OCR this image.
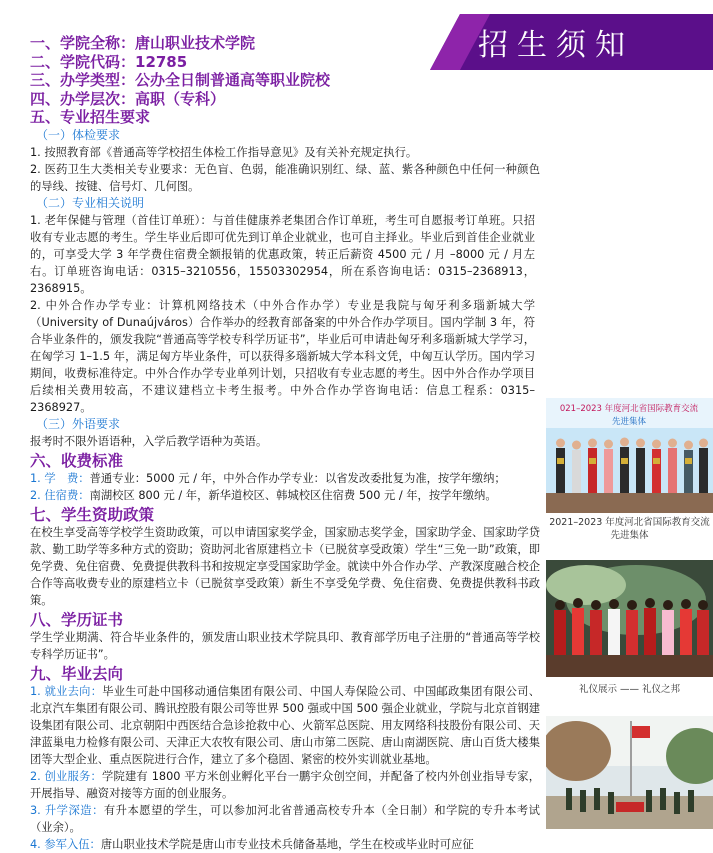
招生须知
一、学院全称：唐山职业技术学院
二、学院代码：12785
三、办学类型：公办全日制普通高等职业院校
四、办学层次：高职（专科）
五、专业招生要求
（一）体检要求
1. 按照教育部《普通高等学校招生体检工作指导意见》及有关补充规定执行。
2. 医药卫生大类相关专业要求：无色盲、色弱，能准确识别红、绿、蓝、紫各种颜色中任何一种颜色的导线、按键、信号灯、几何图。
（二）专业相关说明
1. 老年保健与管理（首佳订单班）：与首佳健康养老集团合作订单班，考生可自愿报考订单班。只招收有专业志愿的考生。学生毕业后即可优先到订单企业就业，也可自主择业。毕业后到首佳企业就业的，可享受大学 3 年学费住宿费全额报销的优惠政策，转正后薪资 4500 元 / 月 –8000 元 / 月左右。订单班咨询电话：0315–3210556，15503302954，所在系咨询电话：0315–2368913，2368915。
2. 中外合作办学专业：计算机网络技术（中外合作办学）专业是我院与匈牙利多瑙新城大学（University of Dunaújváros）合作举办的经教育部备案的中外合作办学项目。国内学制 3 年，符合毕业条件的，颁发我院“普通高等学校专科学历证书”，毕业后可申请赴匈牙利多瑙新城大学学习，在匈学习 1–1.5 年，满足匈方毕业条件，可以获得多瑙新城大学本科文凭，中匈互认学历。国内学习期间，收费标准待定。中外合作办学专业单列计划，只招收有专业志愿的考生。因中外合作办学项目后续相关费用较高，不建议建档立卡考生报考。中外合作办学咨询电话：信息工程系：0315–2368927。
（三）外语要求
报考时不限外语语种，入学后教学语种为英语。
六、收费标准
1. 学　费：普通专业：5000 元 / 年，中外合作办学专业：以省发改委批复为准，按学年缴纳；
2. 住宿费：南湖校区 800 元 / 年，新华道校区、韩城校区住宿费 500 元 / 年，按学年缴纳。
七、学生资助政策
在校生享受高等学校学生资助政策，可以申请国家奖学金，国家励志奖学金，国家助学金、国家助学贷款、勤工助学等多种方式的资助；资助河北省原建档立卡（已脱贫享受政策）学生“三免一助”政策，即免学费、免住宿费、免费提供教科书和按规定享受国家助学金。就读中外合作办学、产教深度融合校企合作等高收费专业的原建档立卡（已脱贫享受政策）新生不享受免学费、免住宿费、免费提供教科书政策。
八、学历证书
学生学业期满、符合毕业条件的，颁发唐山职业技术学院具印、教育部学历电子注册的“普通高等学校专科学历证书”。
九、毕业去向
1. 就业去向：毕业生可赴中国移动通信集团有限公司、中国人寿保险公司、中国邮政集团有限公司、北京汽车集团有限公司、腾讯控股有限公司等世界 500 强或中国 500 强企业就业，学院与北京首钢建设集团有限公司、北京朝阳中西医结合急诊抢救中心、火箭军总医院、用友网络科技股份有限公司、天津蓝巢电力检修有限公司、天津正大农牧有限公司、唐山市第二医院、唐山南湖医院、唐山百货大楼集团等大型企业、重点医院进行合作，建立了多个稳固、紧密的校外实训就业基地。
2. 创业服务：学院建有 1800 平方米创业孵化平台一鹏宇众创空间，并配备了校内外创业指导专家，开展指导、融资对接等方面的创业服务。
3. 升学深造：有升本愿望的学生，可以参加河北省普通高校专升本（全日制）和学院的专升本考试（业余）。
4. 参军入伍：唐山职业技术学院是唐山市专业技术兵储备基地，学生在校或毕业时可应征
021–2023 年度河北省国际教育交流
先进集体
2021–2023 年度河北省国际教育交流先进集体
礼仪展示 —— 礼仪之邦
